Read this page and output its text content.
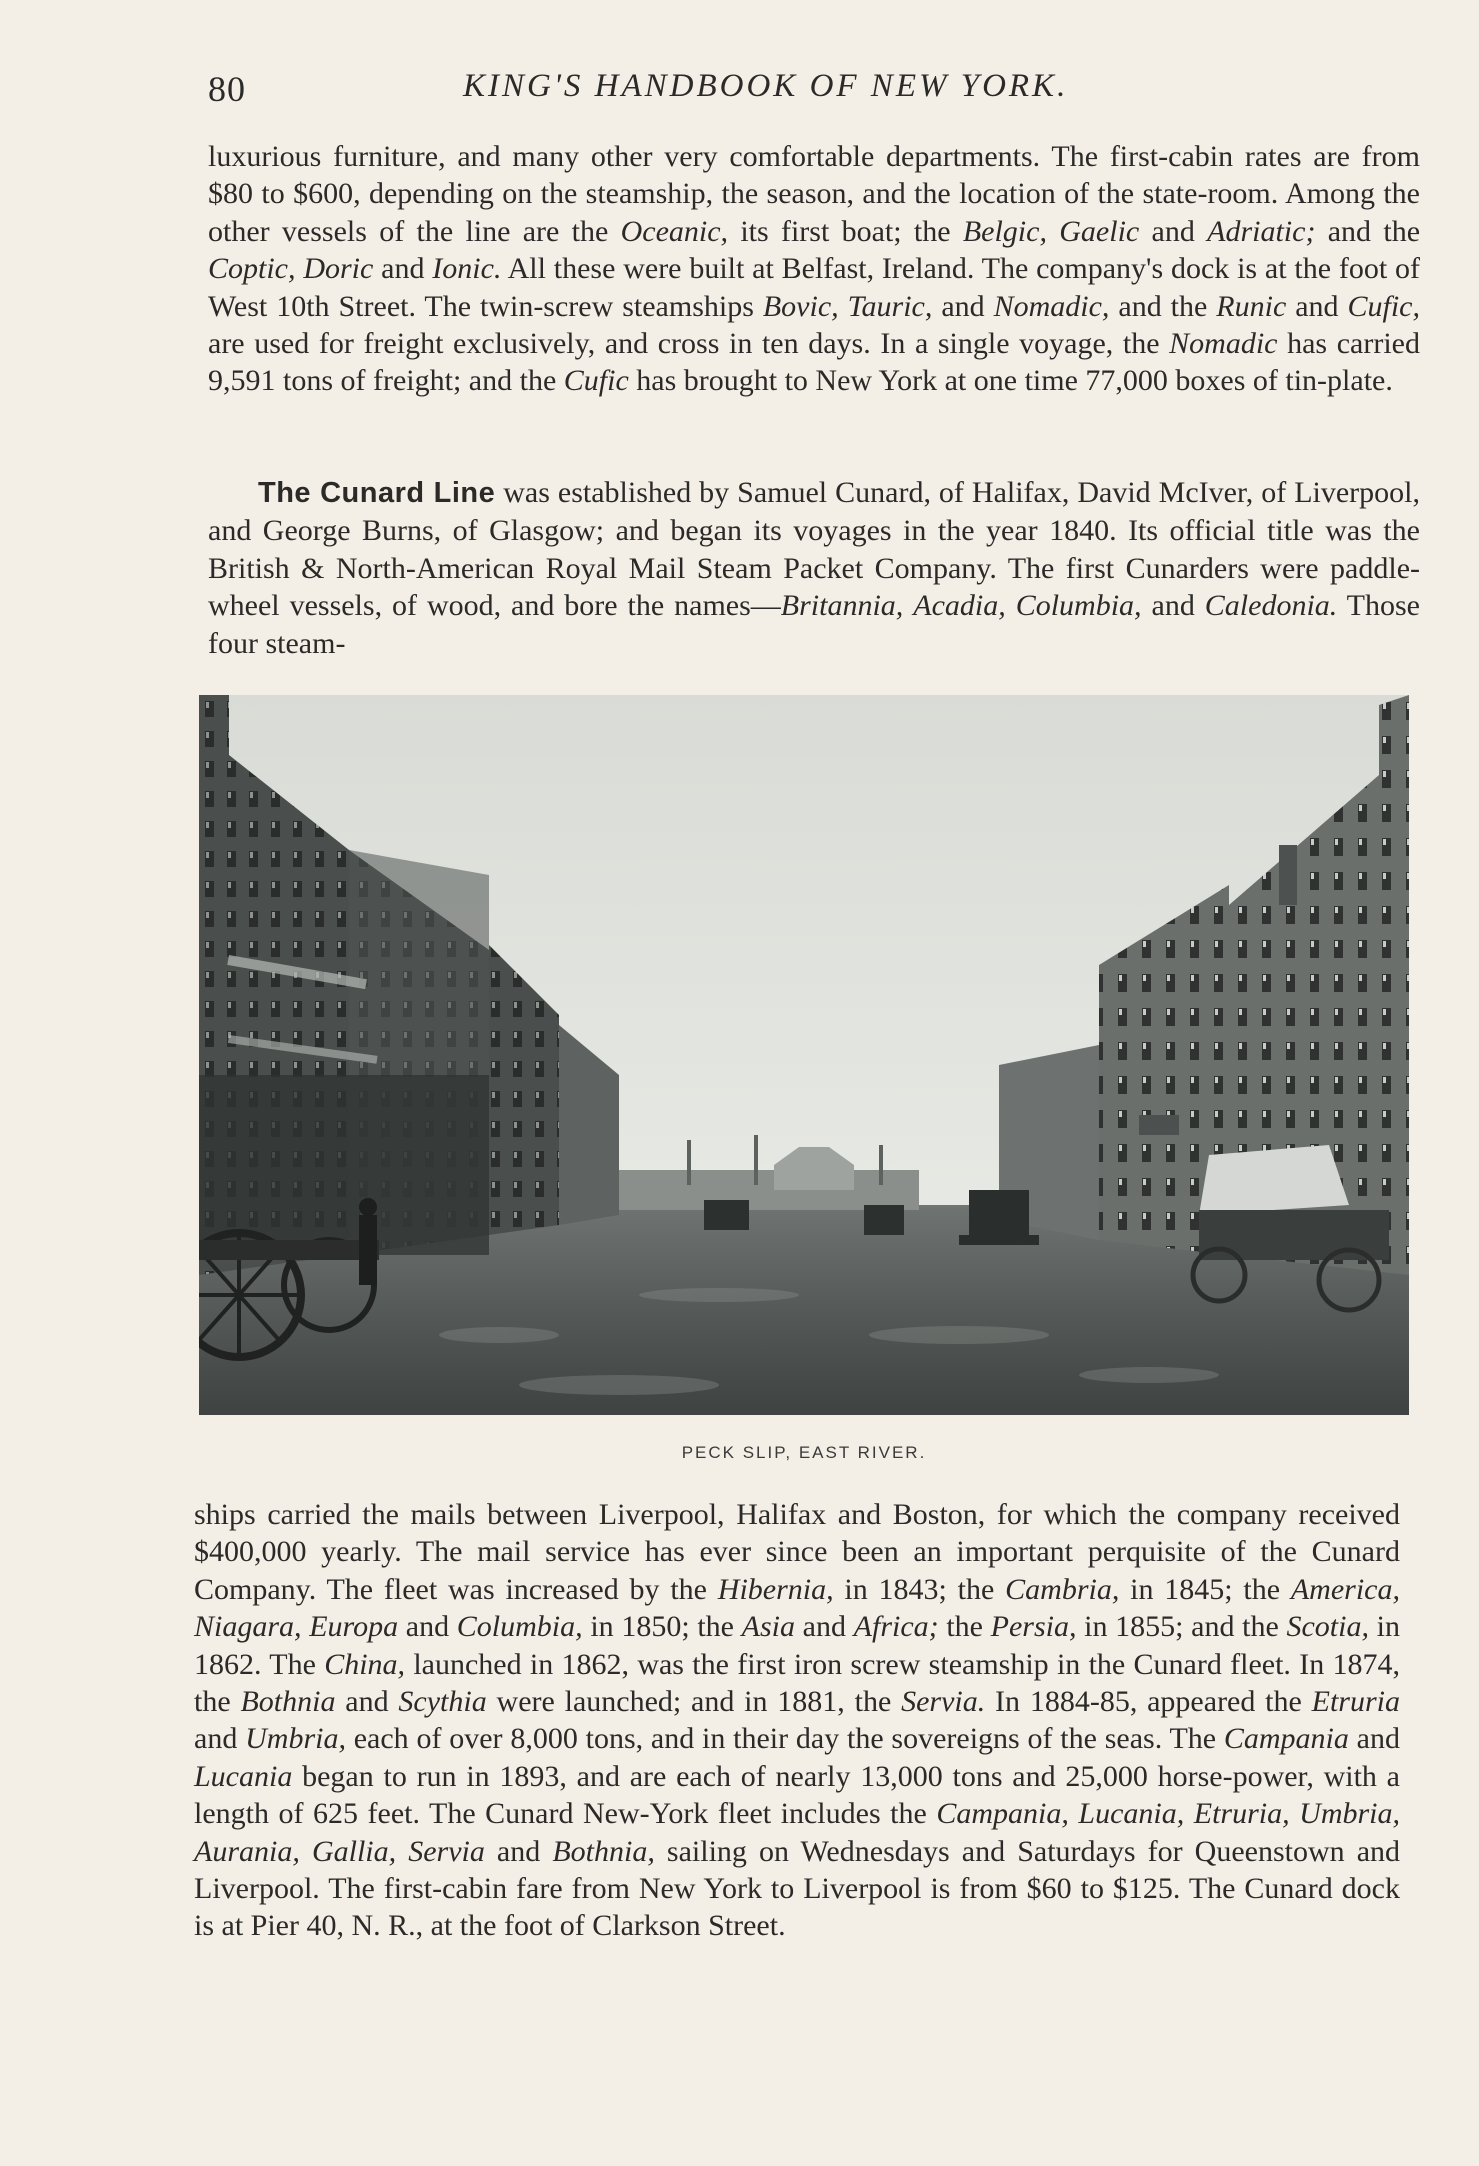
80	KING'S HANDBOOK OF NEW YORK.

luxurious furniture, and many other very comfortable departments. The first-cabin rates are from $80 to $600, depending on the steamship, the season, and the location of the state-room. Among the other vessels of the line are the Oceanic, its first boat; the Belgic, Gaelic and Adriatic; and the Coptic, Doric and Ionic. All these were built at Belfast, Ireland. The company's dock is at the foot of West 10th Street. The twin-screw steamships Bovic, Tauric, and Nomadic, and the Runic and Cufic, are used for freight exclusively, and cross in ten days. In a single voyage, the Nomadic has carried 9,591 tons of freight; and the Cufic has brought to New York at one time 77,000 boxes of tin-plate.

The Cunard Line was established by Samuel Cunard, of Halifax, David McIver, of Liverpool, and George Burns, of Glasgow; and began its voyages in the year 1840. Its official title was the British & North-American Royal Mail Steam Packet Company. The first Cunarders were paddle-wheel vessels, of wood, and bore the names—Britannia, Acadia, Columbia, and Caledonia. Those four steam-

PECK SLIP, EAST RIVER.

ships carried the mails between Liverpool, Halifax and Boston, for which the company received $400,000 yearly. The mail service has ever since been an important perquisite of the Cunard Company. The fleet was increased by the Hibernia, in 1843; the Cambria, in 1845; the America, Niagara, Europa and Columbia, in 1850; the Asia and Africa; the Persia, in 1855; and the Scotia, in 1862. The China, launched in 1862, was the first iron screw steamship in the Cunard fleet. In 1874, the Bothnia and Scythia were launched; and in 1881, the Servia. In 1884-85, appeared the Etruria and Umbria, each of over 8,000 tons, and in their day the sovereigns of the seas. The Campania and Lucania began to run in 1893, and are each of nearly 13,000 tons and 25,000 horse-power, with a length of 625 feet. The Cunard New-York fleet includes the Campania, Lucania, Etruria, Umbria, Aurania, Gallia, Servia and Bothnia, sailing on Wednesdays and Saturdays for Queenstown and Liverpool. The first-cabin fare from New York to Liverpool is from $60 to $125. The Cunard dock is at Pier 40, N. R., at the foot of Clarkson Street.
